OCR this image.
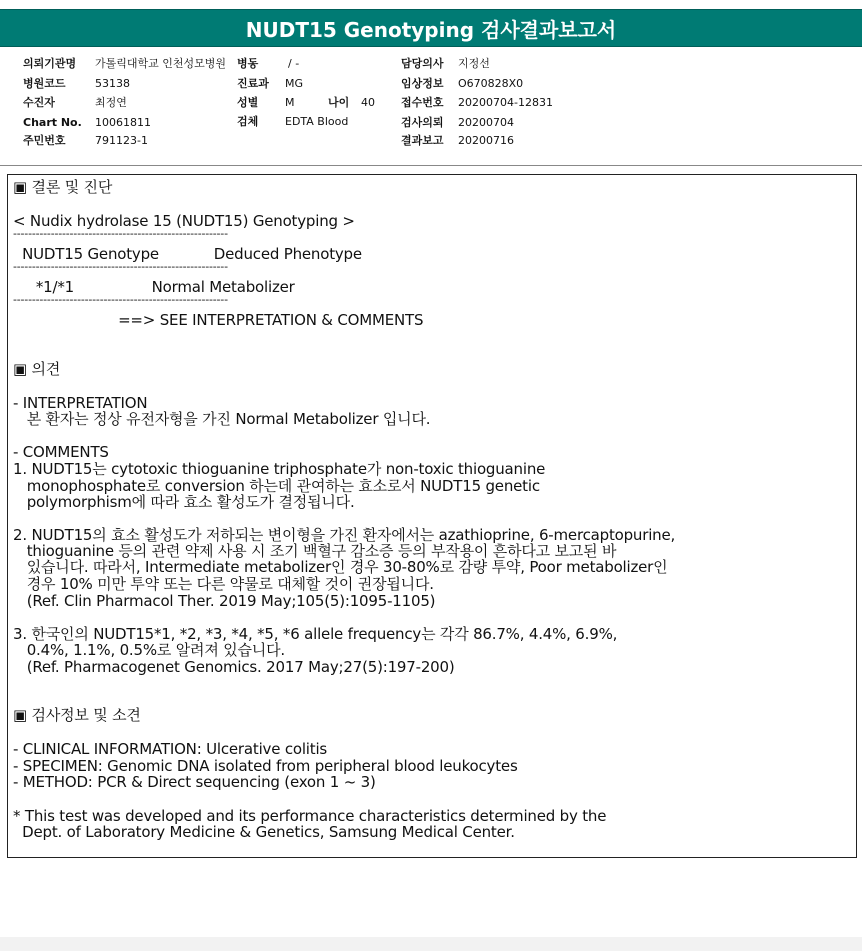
NUDT15 Genotyping 검사결과보고서
의뢰기관명 가톨릭대학교 인천성모병원
병원코드	53138
수진자	최정연
Chart No. 10061811
주민번호	791123-1
병동	/ -
진료과 MG
성별 M	나이 40
검체 EDTA Blood
담당의사 지정선
임상정보 O670828X0
접수번호 20200704-12831
검사의뢰 20200704
결과보고 20200716
▣ 결론 및 진단
< Nudix hydrolase 15 (NUDT15) Genotyping >
---------------------------------------------------------
NUDT15 Genotype            Deduced Phenotype
---------------------------------------------------------
*1/*1                 Normal Metabolizer
---------------------------------------------------------
==> SEE INTERPRETATION & COMMENTS
▣ 의견
- INTERPRETATION
본 환자는 정상 유전자형을 가진 Normal Metabolizer 입니다.
- COMMENTS
1. NUDT15는 cytotoxic thioguanine triphosphate가 non-toxic thioguanine
monophosphate로 conversion 하는데 관여하는 효소로서 NUDT15 genetic
polymorphism에 따라 효소 활성도가 결정됩니다.
2. NUDT15의 효소 활성도가 저하되는 변이형을 가진 환자에서는 azathioprine, 6-mercaptopurine,
thioguanine 등의 관련 약제 사용 시 조기 백혈구 감소증 등의 부작용이 흔하다고 보고된 바
있습니다. 따라서, Intermediate metabolizer인 경우 30-80%로 감량 투약, Poor metabolizer인
경우 10% 미만 투약 또는 다른 약물로 대체할 것이 권장됩니다.
(Ref. Clin Pharmacol Ther. 2019 May;105(5):1095-1105)
3. 한국인의 NUDT15*1, *2, *3, *4, *5, *6 allele frequency는 각각 86.7%, 4.4%, 6.9%,
0.4%, 1.1%, 0.5%로 알려져 있습니다.
(Ref. Pharmacogenet Genomics. 2017 May;27(5):197-200)
▣ 검사정보 및 소견
- CLINICAL INFORMATION: Ulcerative colitis
- SPECIMEN: Genomic DNA isolated from peripheral blood leukocytes
- METHOD: PCR & Direct sequencing (exon 1 ~ 3)
* This test was developed and its performance characteristics determined by the
Dept. of Laboratory Medicine & Genetics, Samsung Medical Center.
